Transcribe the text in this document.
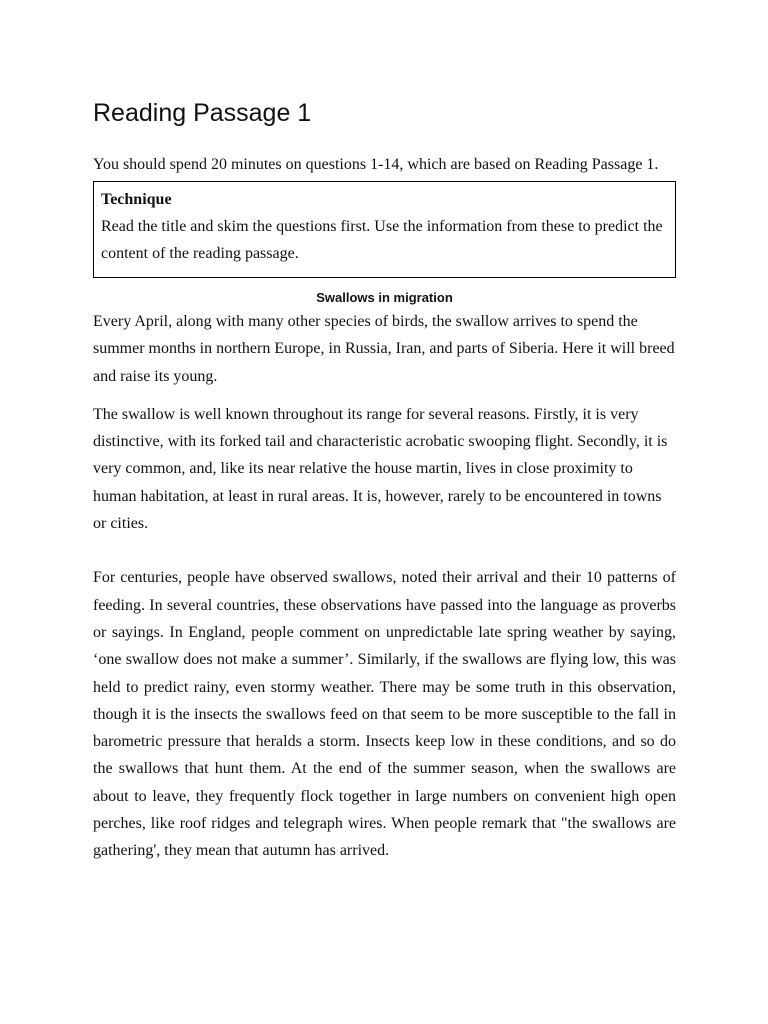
Reading Passage 1

You should spend 20 minutes on questions 1-14, which are based on Reading Passage 1.

Technique

Read the title and skim the questions first. Use the information from these to predict the content of the reading passage.

Swallows in migration

Every April, along with many other species of birds, the swallow arrives to spend the summer months in northern Europe, in Russia, Iran, and parts of Siberia. Here it will breed and raise its young.

The swallow is well known throughout its range for several reasons. Firstly, it is very distinctive, with its forked tail and characteristic acrobatic swooping flight. Secondly, it is very common, and, like its near relative the house martin, lives in close proximity to human habitation, at least in rural areas. It is, however, rarely to be encountered in towns or cities.

For centuries, people have observed swallows, noted their arrival and their 10 patterns of feeding. In several countries, these observations have passed into the language as proverbs or sayings. In England, people comment on unpredictable late spring weather by saying, ‘one swallow does not make a summer’. Similarly, if the swallows are flying low, this was held to predict rainy, even stormy weather. There may be some truth in this observation, though it is the insects the swallows feed on that seem to be more susceptible to the fall in barometric pressure that heralds a storm. Insects keep low in these conditions, and so do the swallows that hunt them. At the end of the summer season, when the swallows are about to leave, they frequently flock together in large numbers on convenient high open perches, like roof ridges and telegraph wires. When people remark that "the swallows are gathering', they mean that autumn has arrived.
